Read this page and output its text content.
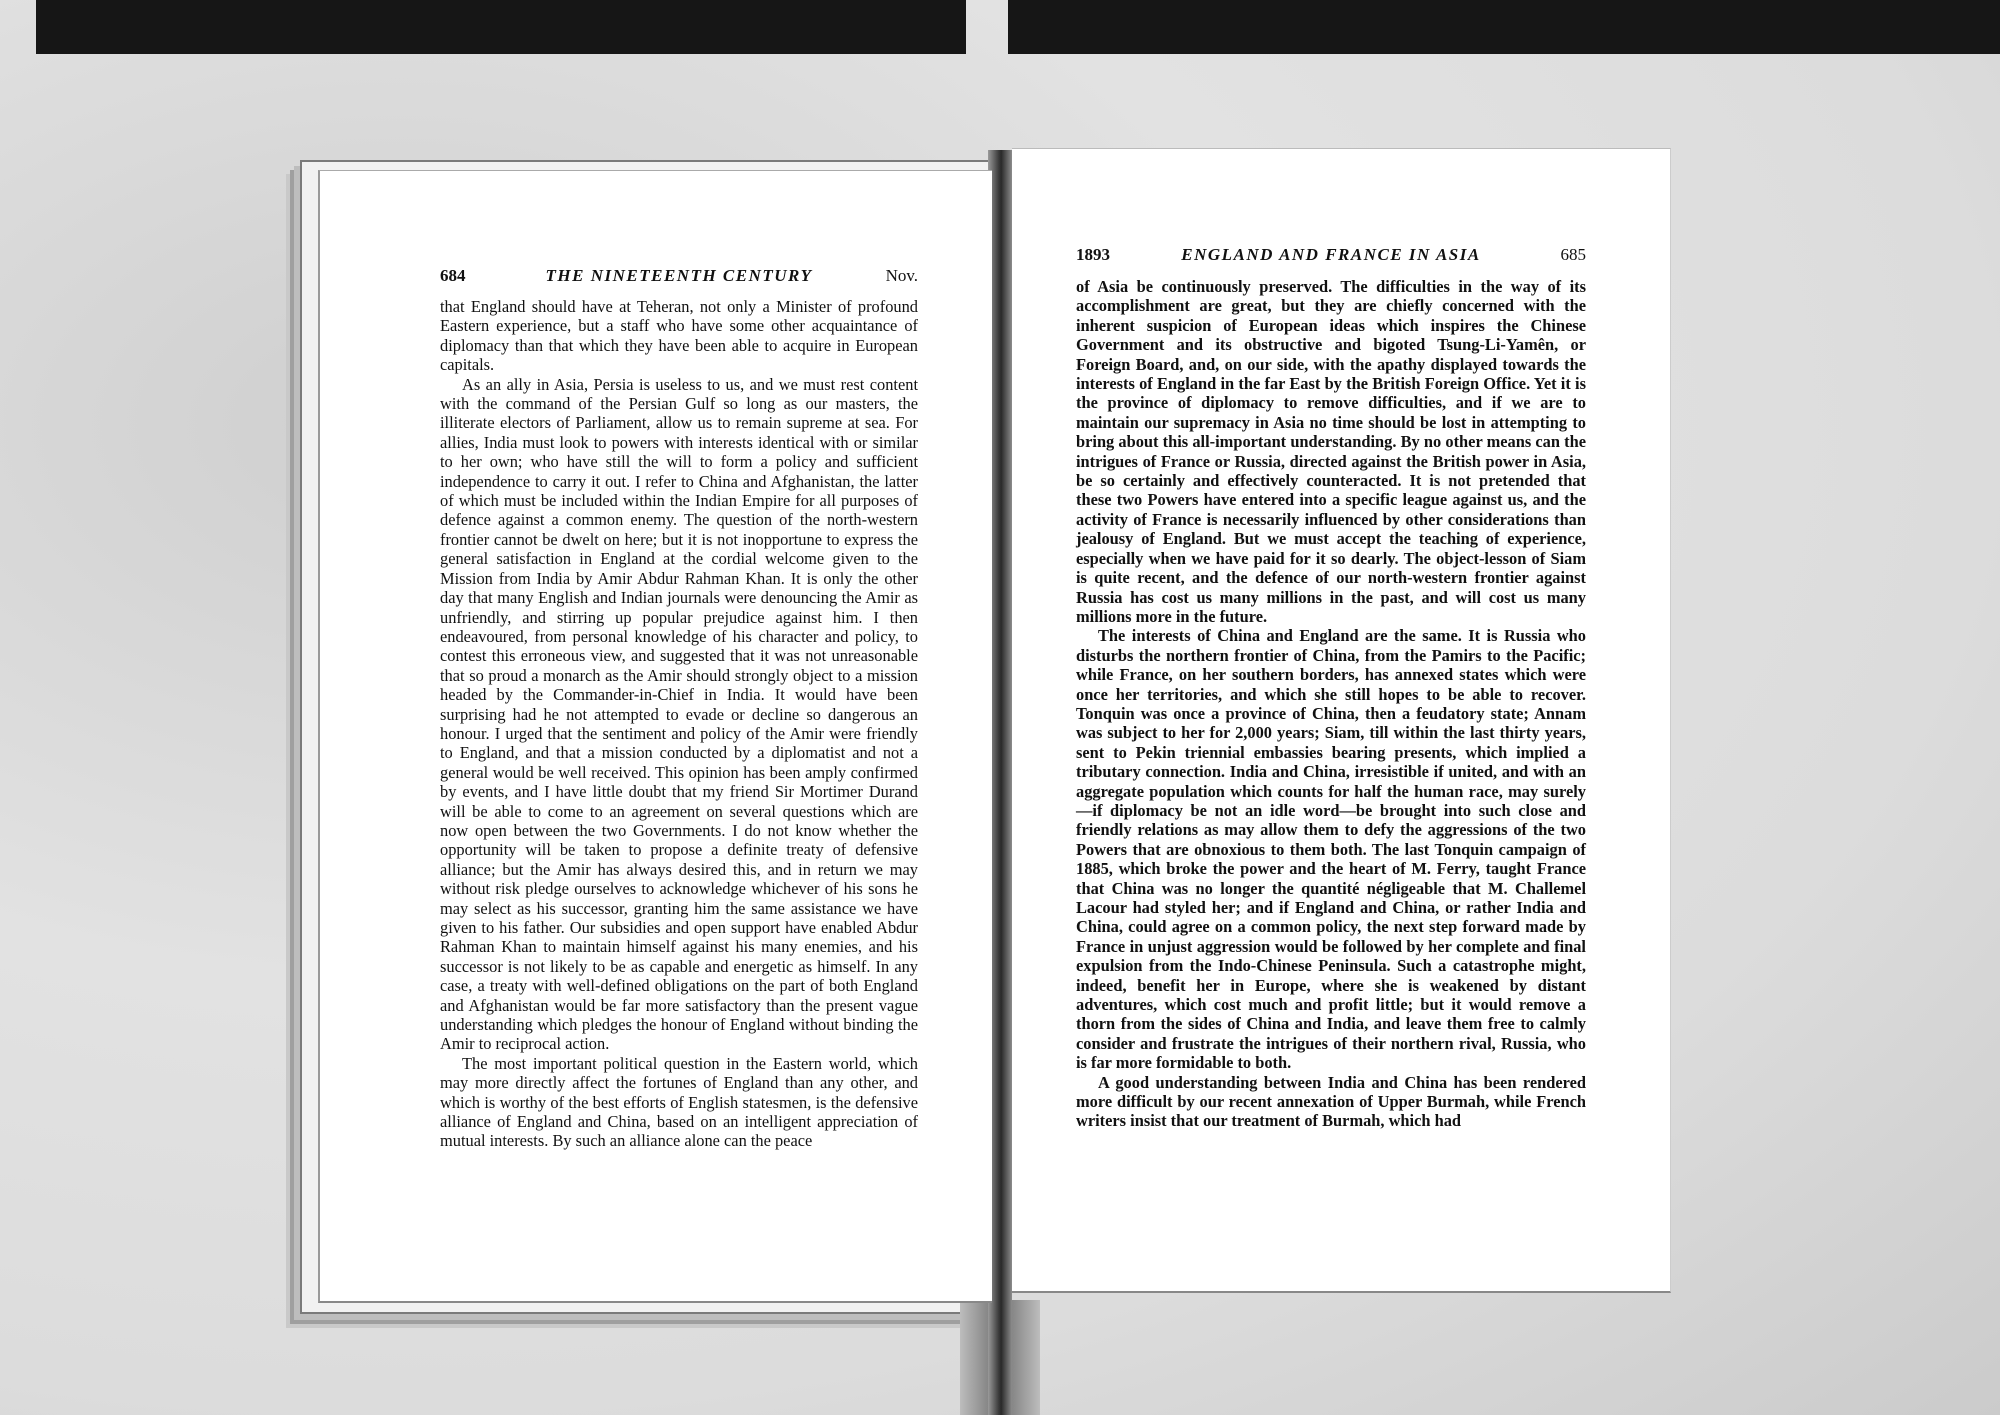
684	THE NINETEENTH CENTURY	Nov.

that England should have at Teheran, not only a Minister of profound Eastern experience, but a staff who have some other acquaintance of diplomacy than that which they have been able to acquire in European capitals.

As an ally in Asia, Persia is useless to us, and we must rest content with the command of the Persian Gulf so long as our masters, the illiterate electors of Parliament, allow us to remain supreme at sea. For allies, India must look to powers with interests identical with or similar to her own; who have still the will to form a policy and sufficient independence to carry it out. I refer to China and Afghanistan, the latter of which must be included within the Indian Empire for all purposes of defence against a common enemy. The question of the north-western frontier cannot be dwelt on here; but it is not inopportune to express the general satisfaction in England at the cordial welcome given to the Mission from India by Amir Abdur Rahman Khan. It is only the other day that many English and Indian journals were denouncing the Amir as unfriendly, and stirring up popular prejudice against him. I then endeavoured, from personal knowledge of his character and policy, to contest this erroneous view, and suggested that it was not unreasonable that so proud a monarch as the Amir should strongly object to a mission headed by the Commander-in-Chief in India. It would have been surprising had he not attempted to evade or decline so dangerous an honour. I urged that the sentiment and policy of the Amir were friendly to England, and that a mission conducted by a diplomatist and not a general would be well received. This opinion has been amply confirmed by events, and I have little doubt that my friend Sir Mortimer Durand will be able to come to an agreement on several questions which are now open between the two Governments. I do not know whether the opportunity will be taken to propose a definite treaty of defensive alliance; but the Amir has always desired this, and in return we may without risk pledge ourselves to acknowledge whichever of his sons he may select as his successor, granting him the same assistance we have given to his father. Our subsidies and open support have enabled Abdur Rahman Khan to maintain himself against his many enemies, and his successor is not likely to be as capable and energetic as himself. In any case, a treaty with well-defined obligations on the part of both England and Afghanistan would be far more satisfactory than the present vague understanding which pledges the honour of England without binding the Amir to reciprocal action.

The most important political question in the Eastern world, which may more directly affect the fortunes of England than any other, and which is worthy of the best efforts of English statesmen, is the defensive alliance of England and China, based on an intelligent appreciation of mutual interests. By such an alliance alone can the peace

1893	ENGLAND AND FRANCE IN ASIA	685

of Asia be continuously preserved. The difficulties in the way of its accomplishment are great, but they are chiefly concerned with the inherent suspicion of European ideas which inspires the Chinese Government and its obstructive and bigoted Tsung-Li-Yamên, or Foreign Board, and, on our side, with the apathy displayed towards the interests of England in the far East by the British Foreign Office. Yet it is the province of diplomacy to remove difficulties, and if we are to maintain our supremacy in Asia no time should be lost in attempting to bring about this all-important understanding. By no other means can the intrigues of France or Russia, directed against the British power in Asia, be so certainly and effectively counteracted. It is not pretended that these two Powers have entered into a specific league against us, and the activity of France is necessarily influenced by other considerations than jealousy of England. But we must accept the teaching of experience, especially when we have paid for it so dearly. The object-lesson of Siam is quite recent, and the defence of our north-western frontier against Russia has cost us many millions in the past, and will cost us many millions more in the future.

The interests of China and England are the same. It is Russia who disturbs the northern frontier of China, from the Pamirs to the Pacific; while France, on her southern borders, has annexed states which were once her territories, and which she still hopes to be able to recover. Tonquin was once a province of China, then a feudatory state; Annam was subject to her for 2,000 years; Siam, till within the last thirty years, sent to Pekin triennial embassies bearing presents, which implied a tributary connection. India and China, irresistible if united, and with an aggregate population which counts for half the human race, may surely—if diplomacy be not an idle word—be brought into such close and friendly relations as may allow them to defy the aggressions of the two Powers that are obnoxious to them both. The last Tonquin campaign of 1885, which broke the power and the heart of M. Ferry, taught France that China was no longer the quantité négligeable that M. Challemel Lacour had styled her; and if England and China, or rather India and China, could agree on a common policy, the next step forward made by France in unjust aggression would be followed by her complete and final expulsion from the Indo-Chinese Peninsula. Such a catastrophe might, indeed, benefit her in Europe, where she is weakened by distant adventures, which cost much and profit little; but it would remove a thorn from the sides of China and India, and leave them free to calmly consider and frustrate the intrigues of their northern rival, Russia, who is far more formidable to both.

A good understanding between India and China has been rendered more difficult by our recent annexation of Upper Burmah, while French writers insist that our treatment of Burmah, which had
